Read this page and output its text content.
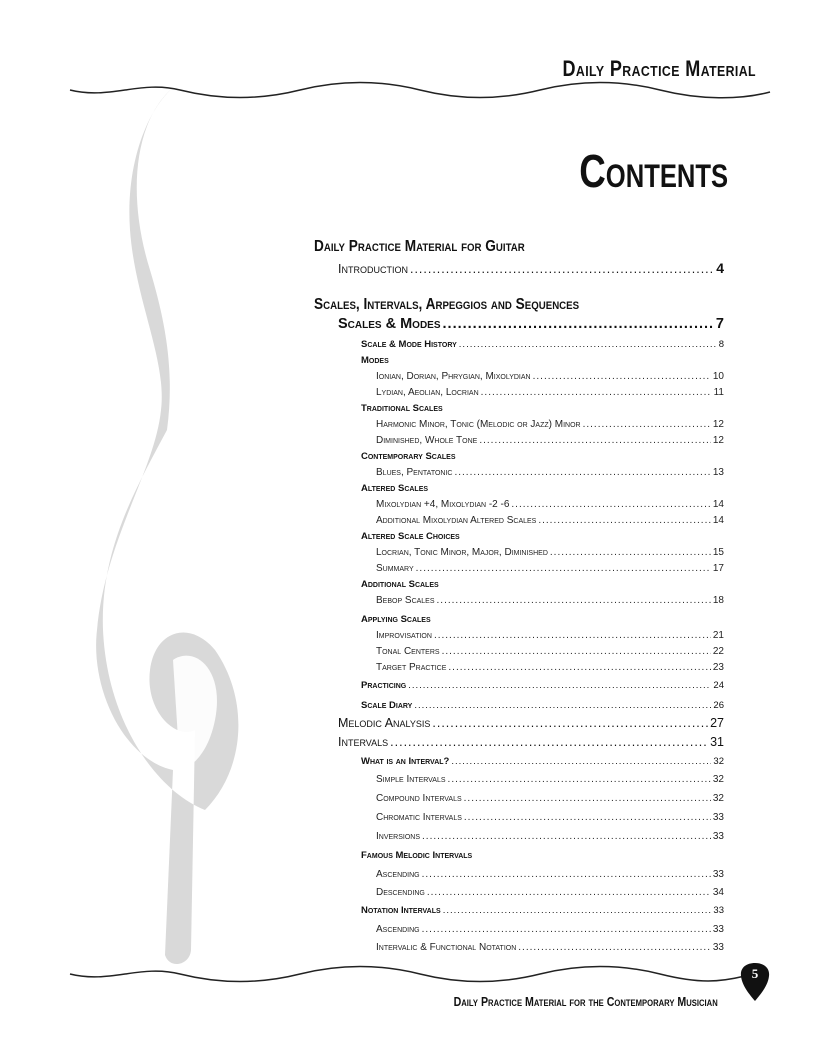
Daily Practice Material
Contents
Daily Practice Material for Guitar
Introduction .....	4
Scales, Intervals, Arpeggios and Sequences
Scales & Modes .....	7
Scale & Mode History .....	8
Modes
Ionian, Dorian, Phrygian, Mixolydian .....	10
Lydian, Aeolian, Locrian .....	11
Traditional Scales
Harmonic Minor, Tonic (Melodic or Jazz) Minor .....	12
Diminished, Whole Tone .....	12
Contemporary Scales
Blues, Pentatonic .....	13
Altered Scales
Mixolydian +4, Mixolydian -2 -6 .....	14
Additional Mixolydian Altered Scales .....	14
Altered Scale Choices
Locrian, Tonic Minor, Major, Diminished .....	15
Summary .....	17
Additional Scales
Bebop Scales .....	18
Applying Scales
Improvisation .....	21
Tonal Centers .....	22
Target Practice .....	23
Practicing .....	24
Scale Diary .....	26
Melodic Analysis .....	27
Intervals .....	31
What is an Interval? .....	32
Simple Intervals .....	32
Compound Intervals .....	32
Chromatic Intervals .....	33
Inversions .....	33
Famous Melodic Intervals
Ascending .....	33
Descending .....	34
Notation Intervals .....	33
Ascending .....	33
Intervalic & Functional Notation .....	33
5
Daily Practice Material for the Contemporary Musician
